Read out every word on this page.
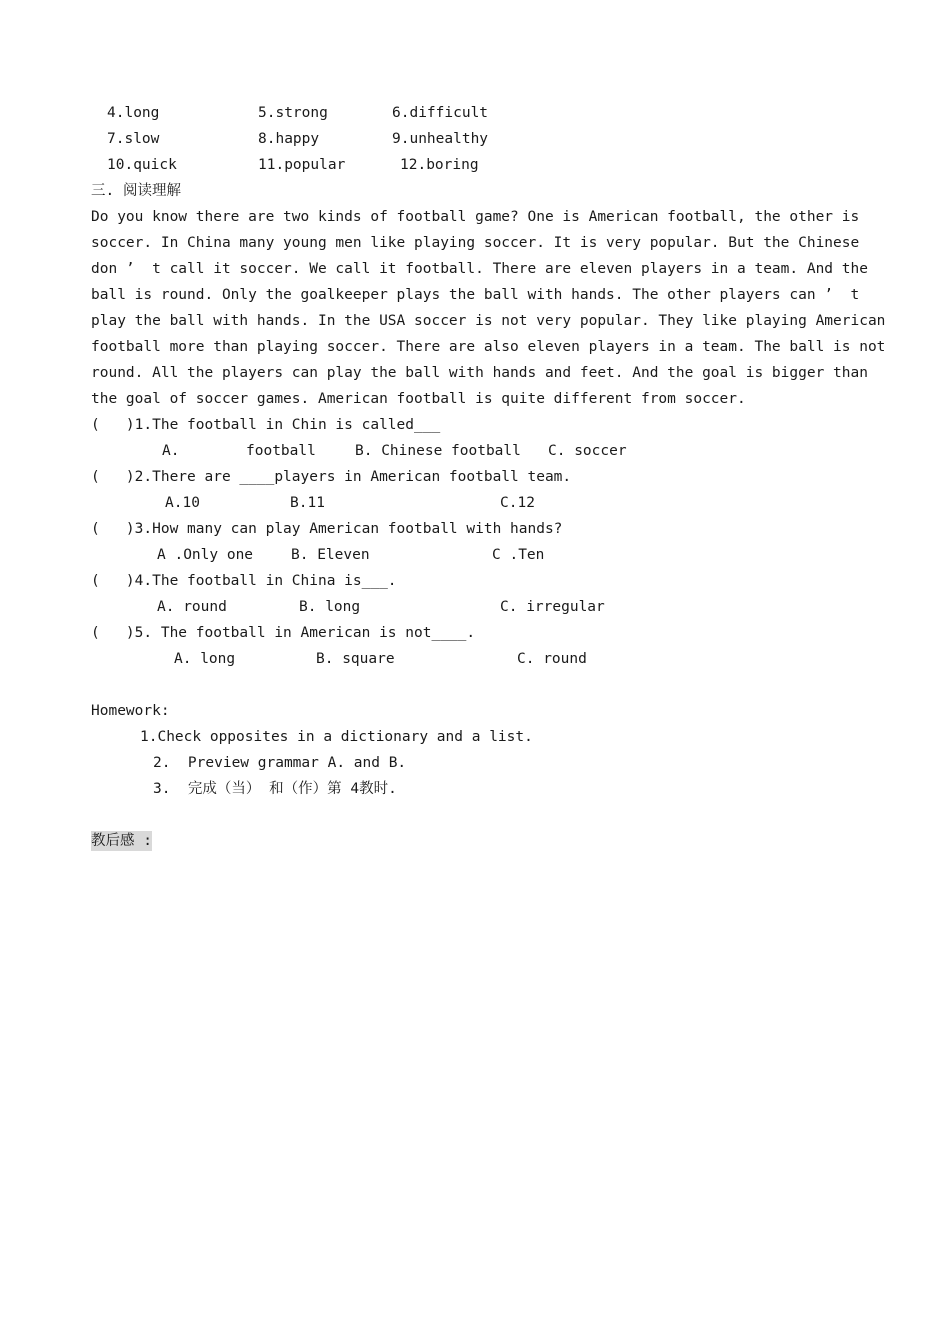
4.long	5.strong	6.difficult
7.slow	8.happy	9.unhealthy
10.quick	11.popular	12.boring
三. 阅读理解
Do you know there are two kinds of football game? One is American football, the other is
soccer. In China many young men like playing soccer. It is very popular. But the Chinese
don ’  t call it soccer. We call it football. There are eleven players in a team. And the
ball is round. Only the goalkeeper plays the ball with hands. The other players can ’  t
play the ball with hands. In the USA soccer is not very popular. They like playing American
football more than playing soccer. There are also eleven players in a team. The ball is not
round. All the players can play the ball with hands and feet. And the goal is bigger than
the goal of soccer games. American football is quite different from soccer.
(   )1.The football in Chin is called___
A.	football	B. Chinese football C. soccer
(   )2.There are ____players in American football team.
A.10	B.11	C.12
(   )3.How many can play American football with hands?
A .Only one	B. Eleven	C .Ten
(   )4.The football in China is___.
A. round	B. long	C. irregular
(   )5. The football in American is not____.
A. long	B. square	C. round
Homework:
1.Check opposites in a dictionary and a list.
2.  Preview grammar A. and B.
3.  完成（当） 和（作）第 4教时.
教后感 :
